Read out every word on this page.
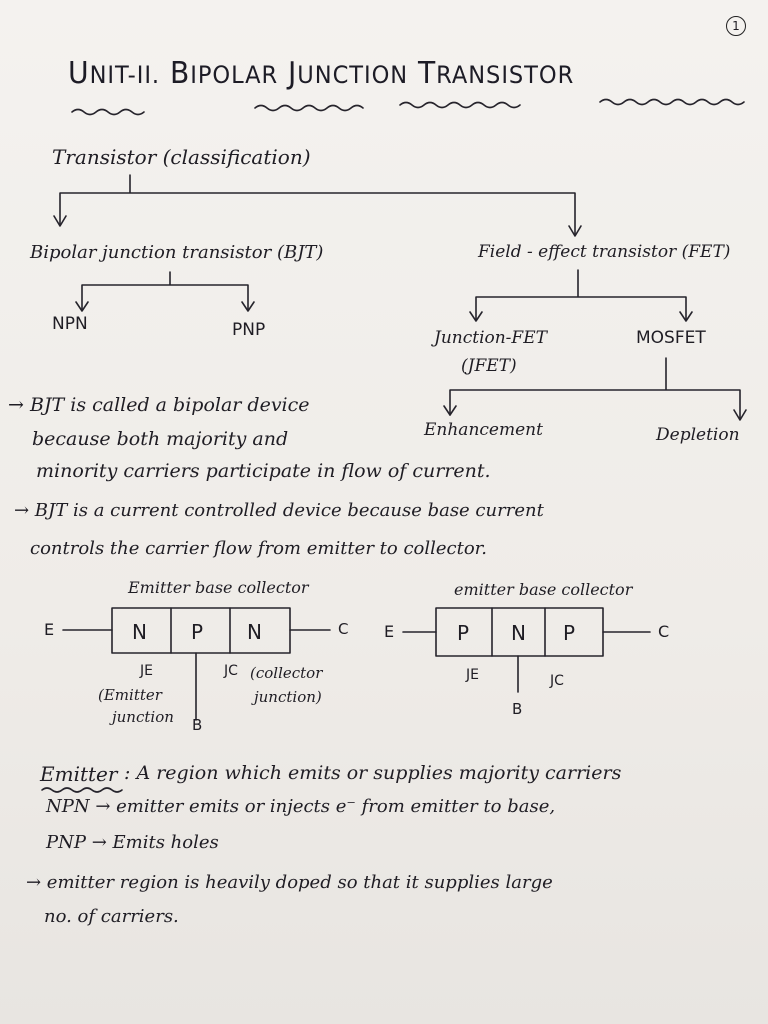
1
UNIT-II. BIPOLAR JUNCTION TRANSISTOR
Transistor (classification)
Bipolar junction transistor (BJT)	Field - effect transistor (FET)
NPN	PNP	Junction-FET
(JFET)
MOSFET
Enhancement	Depletion
→ BJT is called a bipolar device
because both majority and
minority carriers participate in flow of current.
→ BJT is a current controlled device because base current
controls the carrier flow from emitter to collector.
Emitter base collector
E	C
N P N
JE	JC
(Emitter
junction
(collector
junction)
B
emitter base collector
E	C
P N P
JE	JC
B
Emitter : A region which emits or supplies majority carriers
NPN → emitter emits or injects e⁻ from emitter to base,
PNP → Emits holes
→ emitter region is heavily doped so that it supplies large
no. of carriers.
